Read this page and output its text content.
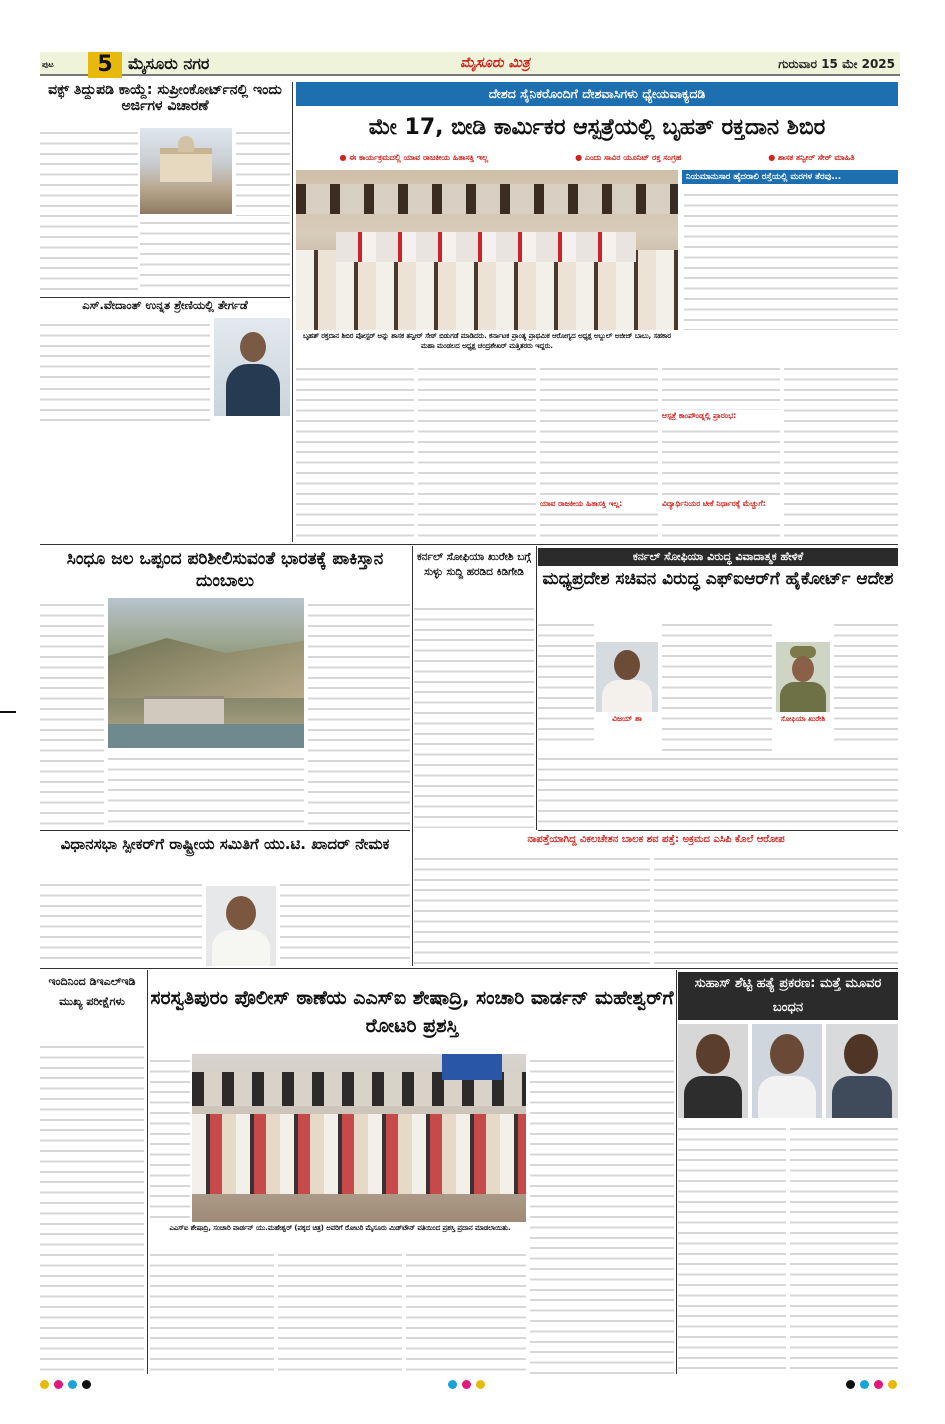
ಪುಟ	5 ಮೈಸೂರು ನಗರ	ಮೈಸೂರು ಮಿತ್ರ	ಗುರುವಾರ 15 ಮೇ 2025
ವಕ್ಫ್ ತಿದ್ದುಪಡಿ ಕಾಯ್ದೆ: ಸುಪ್ರೀಂಕೋರ್ಟ್‌ನಲ್ಲಿ ಇಂದು ಅರ್ಜಿಗಳ ವಿಚಾರಣೆ
ಎಸ್.ವೇದಾಂತ್ ಉನ್ನತ ಶ್ರೇಣಿಯಲ್ಲಿ ತೇರ್ಗಡೆ
ದೇಶದ ಸೈನಿಕರೊಂದಿಗೆ ದೇಶವಾಸಿಗಳು ಧ್ಯೇಯವಾಕ್ಯದಡಿ
ಮೇ 17, ಬೀಡಿ ಕಾರ್ಮಿಕರ ಆಸ್ಪತ್ರೆಯಲ್ಲಿ ಬೃಹತ್ ರಕ್ತದಾನ ಶಿಬಿರ
● ಈ ಕಾರ್ಯಕ್ರಮದಲ್ಲಿ ಯಾವ ರಾಜಕೀಯ ಹಿತಾಸಕ್ತಿ ಇಲ್ಲ	● ಎಂದು ಸಾವಿರ ಯೂನಿಟ್ ರಕ್ತ ಸಂಗ್ರಹ	● ಶಾಸಕ ತನ್ವೀರ್ ಸೇಠ್ ಮಾಹಿತಿ
ಬೃಹತ್ ರಕ್ತದಾನ ಶಿಬಿರ ಪೋಸ್ಟರ್ ಅನ್ನು ಶಾಸಕ ತನ್ವೀರ್ ಸೇಠ್ ಬಿಡುಗಡೆ ಮಾಡಿದರು. ಕರ್ನಾಟಕ ಪ್ರಾಂತ್ಯ ಪ್ರಾಥಮಿಕ ಆರೋಗ್ಯದ ಅಧ್ಯಕ್ಷ ಅಬ್ದುಲ್ ಅಜೀಜ್ ಬಾಬು, ಸಹಕಾರ ಮಹಾ ಮಂಡಲದ ಅಧ್ಯಕ್ಷ ಚಂದ್ರಶೇಖರ್ ಮತ್ತಿತರರು ಇದ್ದರು.
ನಿಯಮಾನುಸಾರ ಹೈದರಾಲಿ ರಸ್ತೆಯಲ್ಲಿ ಮರಗಳ ತೆರವು...
ಆಸ್ಪತ್ರೆ ಕಾಂಪೌಂಡ್ನಲ್ಲಿ ಪ್ರಾರಂಭ:
ಯಾವ ರಾಜಕೀಯ ಹಿತಾಸಕ್ತಿ ಇಲ್ಲ:	ವಿದ್ಯಾರ್ಥಿನಿಯರ ಟೀಕೆ ನಿರ್ಧಾರಕ್ಕೆ ಮೆಚ್ಚುಗೆ:
ಸಿಂಧೂ ಜಲ ಒಪ್ಪಂದ ಪರಿಶೀಲಿಸುವಂತೆ ಭಾರತಕ್ಕೆ ಪಾಕಿಸ್ತಾನ ದುಂಬಾಲು
ಕರ್ನಲ್ ಸೋಫಿಯಾ ಖುರೇಶಿ ಬಗ್ಗೆ ಸುಳ್ಳು ಸುದ್ದಿ ಹರಡಿದ ಕಿಡಿಗೇಡಿ
ಕರ್ನಲ್ ಸೋಫಿಯಾ ವಿರುದ್ಧ ವಿವಾದಾತ್ಮಕ ಹೇಳಿಕೆ
ಮಧ್ಯಪ್ರದೇಶ ಸಚಿವನ ವಿರುದ್ಧ ಎಫ್‌ಐಆರ್‌ಗೆ ಹೈಕೋರ್ಟ್ ಆದೇಶ
ವಿಜಯ್ ಶಾ	ಸೋಫಿಯಾ ಖುರೇಶಿ
ನಾಪತ್ತೆಯಾಗಿದ್ದ ವಿಕಲಚೇತನ ಬಾಲಕ ಶವ ಪತ್ತೆ: ಅಕ್ರಮದ ಎಸಿಪಿ ಕೊಲೆ ಆರೋಪ
ವಿಧಾನಸಭಾ ಸ್ಪೀಕರ್‌ಗೆ ರಾಷ್ಟ್ರೀಯ ಸಮಿತಿಗೆ ಯು.ಟಿ. ಖಾದರ್ ನೇಮಕ
ಇಂದಿನಿಂದ ಡಿಇಎಲ್ಇಡಿ ಮುಖ್ಯ ಪರೀಕ್ಷೆಗಳು	ಸರಸ್ವತಿಪುರಂ ಪೊಲೀಸ್ ಠಾಣೆಯ ಎಎಸ್ಐ ಶೇಷಾದ್ರಿ, ಸಂಚಾರಿ ವಾರ್ಡನ್ ಮಹೇಶ್ವರ್‌ಗೆ ರೋಟರಿ ಪ್ರಶಸ್ತಿ
ಎಎಸ್‌ಐ ಶೇಷಾದ್ರಿ, ಸಂಚಾರಿ ವಾರ್ಡನ್ ಯು.ಮಹೇಶ್ವರ್ (ಪಕ್ಕದ ಚಿತ್ರ) ಅವರಿಗೆ ರೋಟರಿ ಮೈಸೂರು ಮಿಡ್‌ಟೌನ್ ವತಿಯಿಂದ ಪ್ರಶಸ್ತಿ ಪ್ರದಾನ ಮಾಡಲಾಯಿತು.
ಸುಹಾಸ್ ಶೆಟ್ಟಿ ಹತ್ಯೆ ಪ್ರಕರಣ: ಮತ್ತೆ ಮೂವರ ಬಂಧನ
